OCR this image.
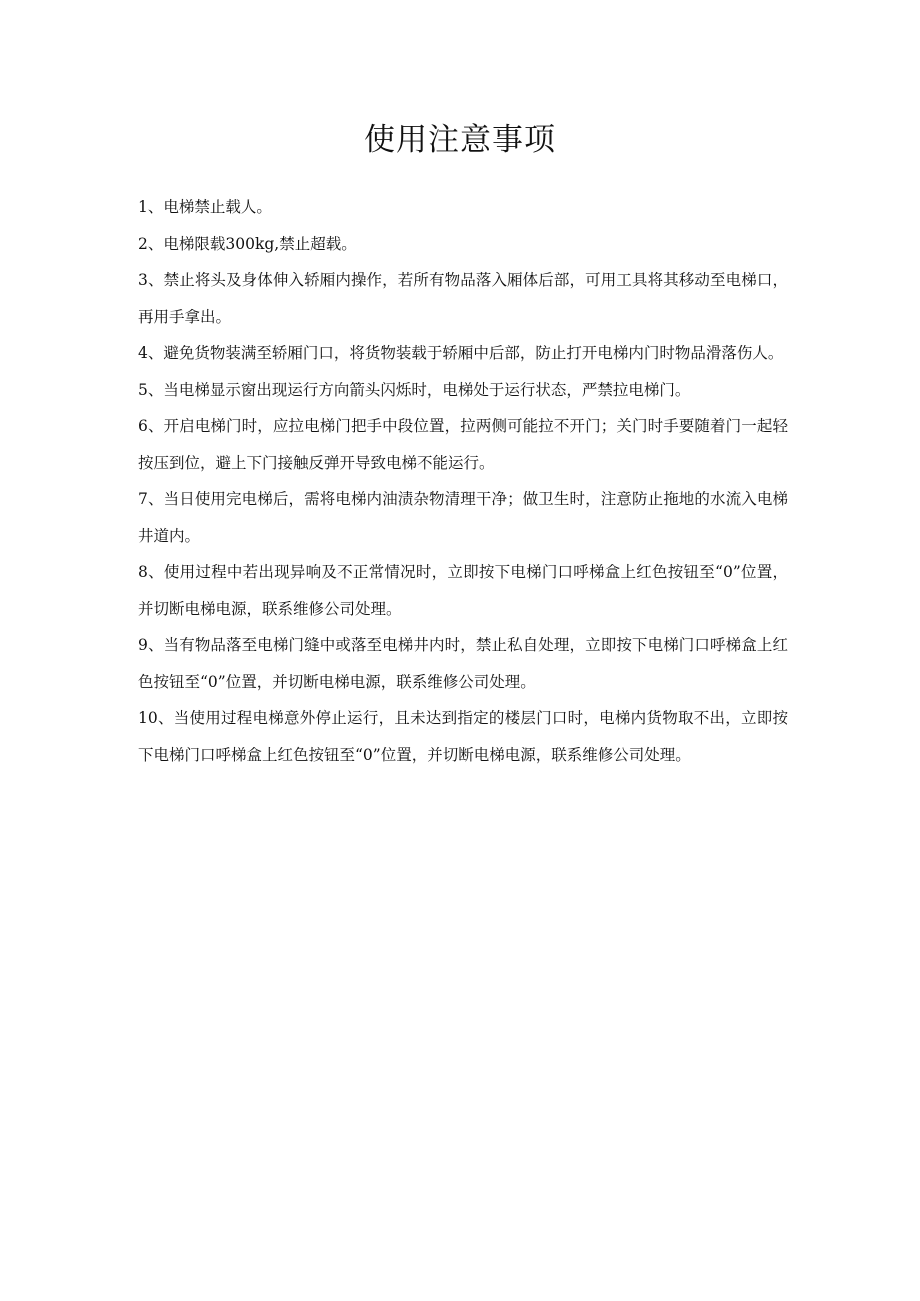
使用注意事项
1、电梯禁止载人。
2、电梯限载300kg,禁止超载。
3、禁止将头及身体伸入轿厢内操作，若所有物品落入厢体后部，可用工具将其移动至电梯口，再用手拿出。
4、避免货物装满至轿厢门口，将货物装载于轿厢中后部，防止打开电梯内门时物品滑落伤人。
5、当电梯显示窗出现运行方向箭头闪烁时，电梯处于运行状态，严禁拉电梯门。
6、开启电梯门时，应拉电梯门把手中段位置，拉两侧可能拉不开门；关门时手要随着门一起轻按压到位，避上下门接触反弹开导致电梯不能运行。
7、当日使用完电梯后，需将电梯内油渍杂物清理干净；做卫生时，注意防止拖地的水流入电梯井道内。
8、使用过程中若出现异响及不正常情况时，立即按下电梯门口呼梯盒上红色按钮至“0”位置，并切断电梯电源，联系维修公司处理。
9、当有物品落至电梯门缝中或落至电梯井内时，禁止私自处理，立即按下电梯门口呼梯盒上红色按钮至“0”位置，并切断电梯电源，联系维修公司处理。
10、当使用过程电梯意外停止运行，且未达到指定的楼层门口时，电梯内货物取不出，立即按下电梯门口呼梯盒上红色按钮至“0”位置，并切断电梯电源，联系维修公司处理。
